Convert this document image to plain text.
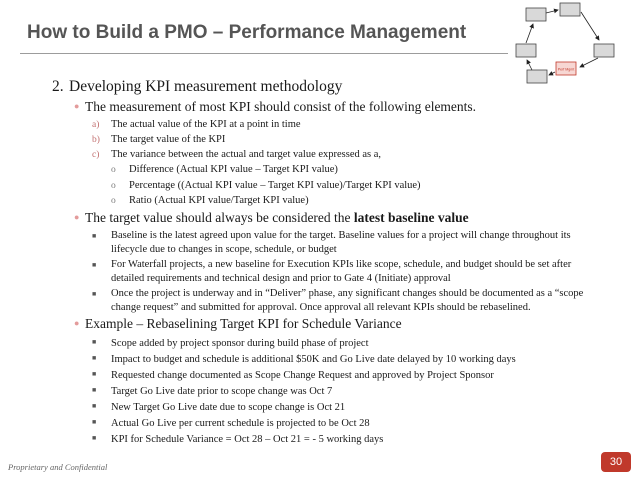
How to Build a PMO – Performance Management
Perf Mgmt
2. Developing KPI measurement methodology
● The measurement of most KPI should consist of the following elements.
a) The actual value of the KPI at a point in time
b) The target value of the KPI
c) The variance between the actual and target value expressed as a,
o Difference (Actual KPI value – Target KPI value)
o Percentage ((Actual KPI value – Target KPI value)/Target KPI value)
o Ratio (Actual KPI value/Target KPI value)
● The target value should always be considered the latest baseline value
■ Baseline is the latest agreed upon value for the target. Baseline values for a project will change throughout its lifecycle due to changes in scope, schedule, or budget
■ For Waterfall projects, a new baseline for Execution KPIs like scope, schedule, and budget should be set after detailed requirements and technical design and prior to Gate 4 (Initiate) approval
■ Once the project is underway and in “Deliver” phase, any significant changes should be documented as a “scope change request” and submitted for approval. Once approval all relevant KPIs should be rebaselined.
● Example – Rebaselining Target KPI for Schedule Variance
■ Scope added by project sponsor during build phase of project
■ Impact to budget and schedule is additional $50K and Go Live date delayed by 10 working days
■ Requested change documented as Scope Change Request and approved by Project Sponsor
■ Target Go Live date prior to scope change was Oct 7
■ New Target Go Live date due to scope change is Oct 21
■ Actual Go Live per current schedule is projected to be Oct 28
■ KPI for Schedule Variance = Oct 28 – Oct 21 = - 5 working days
Proprietary and Confidential	30
